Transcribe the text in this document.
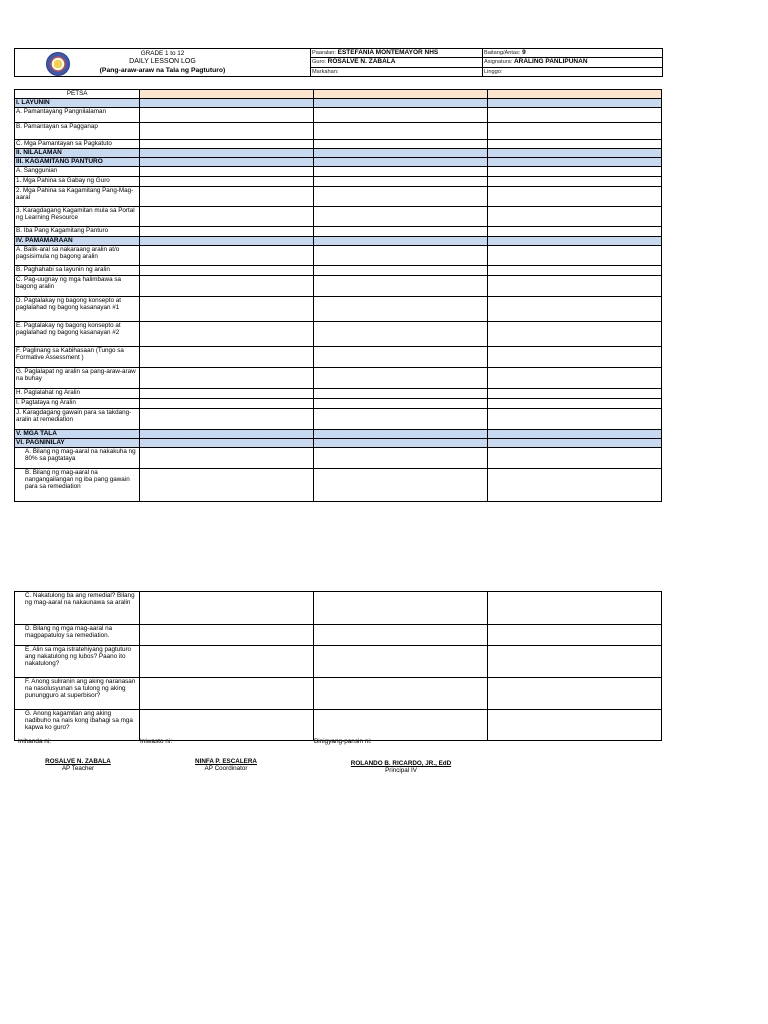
GRADE 1 to 12
DAILY LESSON LOG
(Pang-araw-araw na Tala ng Pagtuturo)	Paaralan: ESTEFANIA MONTEMAYOR NHS	Baitang/Antas: 9
	Guro: ROSALVE N. ZABALA	Asignatura: ARALING PANLIPUNAN
	Markahan:	Linggo:
PETSA			
I. LAYUNIN			
A. Pamantayang Pangnilalaman			
B. Pamantayan sa Pagganap			
C. Mga Pamantayan sa Pagkatuto			
II. NILALAMAN			
III. KAGAMITANG PANTURO			
A. Sanggunian			
1. Mga Pahina sa Gabay ng Guro			
2. Mga Pahina sa Kagamitang Pang-Mag-aaral			
3. Karagdagang Kagamitan mula sa Portal ng Learning Resource			
B. Iba Pang Kagamitang Panturo			
IV. PAMAMARAAN			
A. Balik-aral sa nakaraang aralin at/o pagsisimula ng bagong aralin			
B. Paghahabi sa layunin ng aralin			
C. Pag-uugnay ng mga halimbawa sa bagong aralin			
D. Pagtalakay ng bagong konsepto at paglalahad ng bagong kasanayan #1			
E. Pagtalakay ng bagong konsepto at paglalahad ng bagong kasanayan #2			
F. Paglinang sa Kabihasaan (Tungo sa Formative Assessment )			
G. Paglalapat ng aralin sa pang-araw-araw na buhay			
H. Paglalahat ng Aralin			
I. Pagtataya ng Aralin			
J. Karagdagang gawain para sa takdang-aralin at remediation			
V. MGA TALA			
VI. PAGNINILAY			
A. Bilang ng mag-aaral na nakakuha ng 80% sa pagtataya			
B. Bilang ng mag-aaral na nangangailangan ng iba pang gawain para sa remediation			
C. Nakatulong ba ang remedial? Bilang ng mag-aaral na nakaunawa sa aralin			
D. Bilang ng mga mag-aaral na magpapatuloy sa remediation.			
E. Alin sa mga istratehiyang pagtuturo ang nakatulong ng lubos? Paano ito nakatulong?			
F. Anong suliranin ang aking naranasan na nasolusyunan sa tulong ng aking punungguro at superbisor?			
G. Anong kagamitan ang aking nadibuho na nais kong ibahagi sa mga kapwa ko guro?			
Inihanda ni:	Iniwasto ni:	Binigyang-pansin ni:
ROSALVE N. ZABALA
AP Teacher
NINFA P. ESCALERA
AP Coordinator
ROLANDO B. RICARDO, JR., EdD
Principal IV
